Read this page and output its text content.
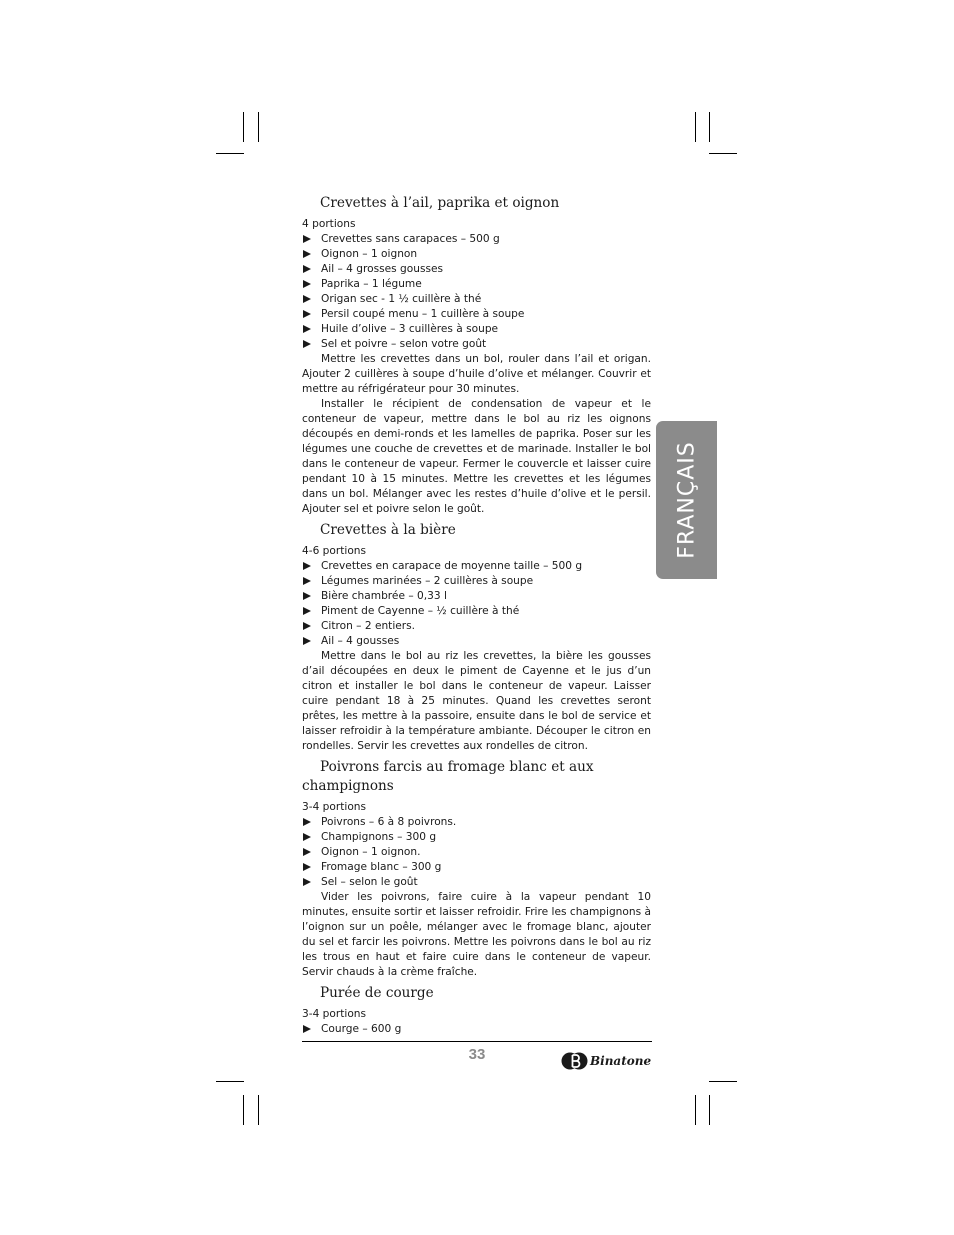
Crevettes à l’ail, paprika et oignon

4 portions

Crevettes sans carapaces – 500 g
Oignon – 1 oignon
Ail – 4 grosses gousses
Paprika – 1 légume
Origan sec - 1 ½ cuillère à thé
Persil coupé menu – 1 cuillère à soupe
Huile d’olive – 3 cuillères à soupe
Sel et poivre – selon votre goût

Mettre les crevettes dans un bol, rouler dans l’ail et origan. Ajouter 2 cuillères à soupe d’huile d’olive et mélanger. Couvrir et mettre au réfrigérateur pour 30 minutes.

Installer le récipient de condensation de vapeur et le conteneur de vapeur, mettre dans le bol au riz les oignons découpés en demi-ronds et les lamelles de paprika. Poser sur les légumes une couche de crevettes et de marinade. Installer le bol dans le conteneur de vapeur. Fermer le couvercle et laisser cuire pendant 10 à 15 minutes. Mettre les crevettes et les légumes dans un bol. Mélanger avec les restes d’huile d’olive et le persil. Ajouter sel et poivre selon le goût.

Crevettes à la bière

4-6 portions

Crevettes en carapace de moyenne taille – 500 g
Légumes marinées – 2 cuillères à soupe
Bière chambrée – 0,33 l
Piment de Cayenne – ½ cuillère à thé
Citron – 2 entiers.
Ail – 4 gousses

Mettre dans le bol au riz les crevettes, la bière les gousses d’ail découpées en deux le piment de Cayenne et le jus d’un citron et installer le bol dans le conteneur de vapeur. Laisser cuire pendant 18 à 25 minutes. Quand les crevettes seront prêtes, les mettre à la passoire, ensuite dans le bol de service et laisser refroidir à la température ambiante. Découper le citron en rondelles. Servir les crevettes aux rondelles de citron.

Poivrons farcis au fromage blanc et aux champignons

3-4 portions

Poivrons – 6 à 8 poivrons.
Champignons – 300 g
Oignon – 1 oignon.
Fromage blanc – 300 g
Sel – selon le goût

Vider les poivrons, faire cuire à la vapeur pendant 10 minutes, ensuite sortir et laisser refroidir. Frire les champignons à l’oignon sur un poêle, mélanger avec le fromage blanc, ajouter du sel et farcir les poivrons. Mettre les poivrons dans le bol au riz les trous en haut et faire cuire dans le conteneur de vapeur. Servir chauds à la crème fraîche.

Purée de courge

3-4 portions

Courge – 600 g
FRANÇAIS
33	Binatone
